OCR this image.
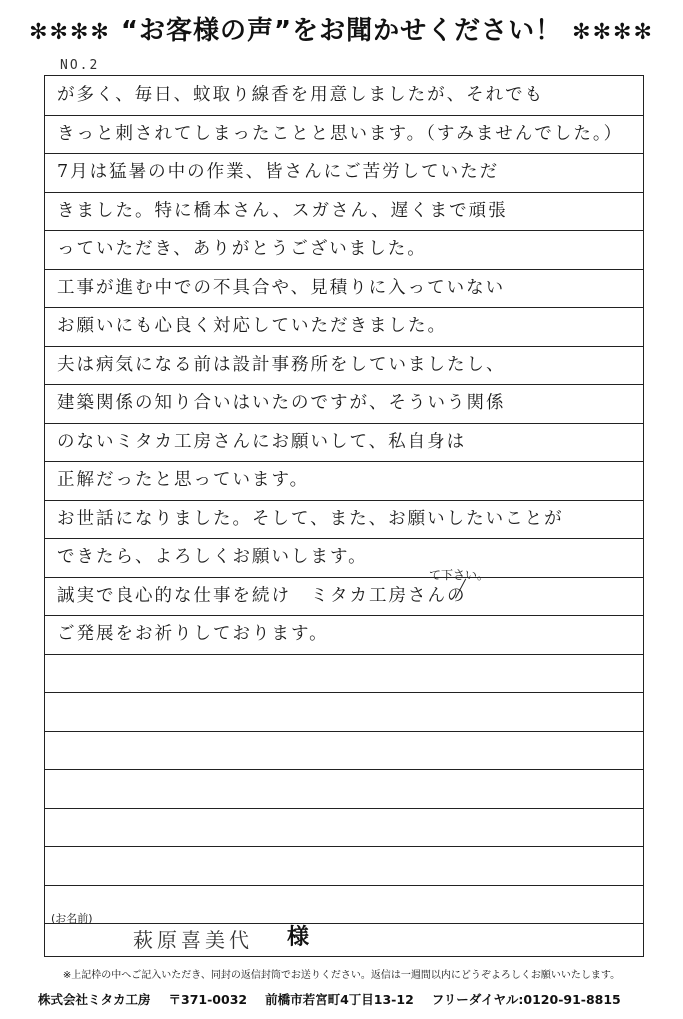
✻✻✻✻ “お客様の声”をお聞かせください！ ✻✻✻✻
NO.2
て下さい。
(お名前)
萩原喜美代 様
が多く、毎日、蚊取り線香を用意しましたが、それでも
きっと刺されてしまったことと思います。（すみませんでした。）
7月は猛暑の中の作業、皆さんにご苦労していただ
きました。特に橋本さん、スガさん、遅くまで頑張
っていただき、ありがとうございました。
工事が進む中での不具合や、見積りに入っていない
お願いにも心良く対応していただきました。
夫は病気になる前は設計事務所をしていましたし、
建築関係の知り合いはいたのですが、そういう関係
のないミタカ工房さんにお願いして、私自身は
正解だったと思っています。
お世話になりました。そして、また、お願いしたいことが
できたら、よろしくお願いします。
誠実で良心的な仕事を続け　ミタカ工房さんの
ご発展をお祈りしております。
※上記枠の中へご記入いただき、同封の返信封筒でお送りください。返信は一週間以内にどうぞよろしくお願いいたします。
株式会社ミタカ工房 〒371-0032 前橋市若宮町4丁目13-12 フリーダイヤル:0120-91-8815
